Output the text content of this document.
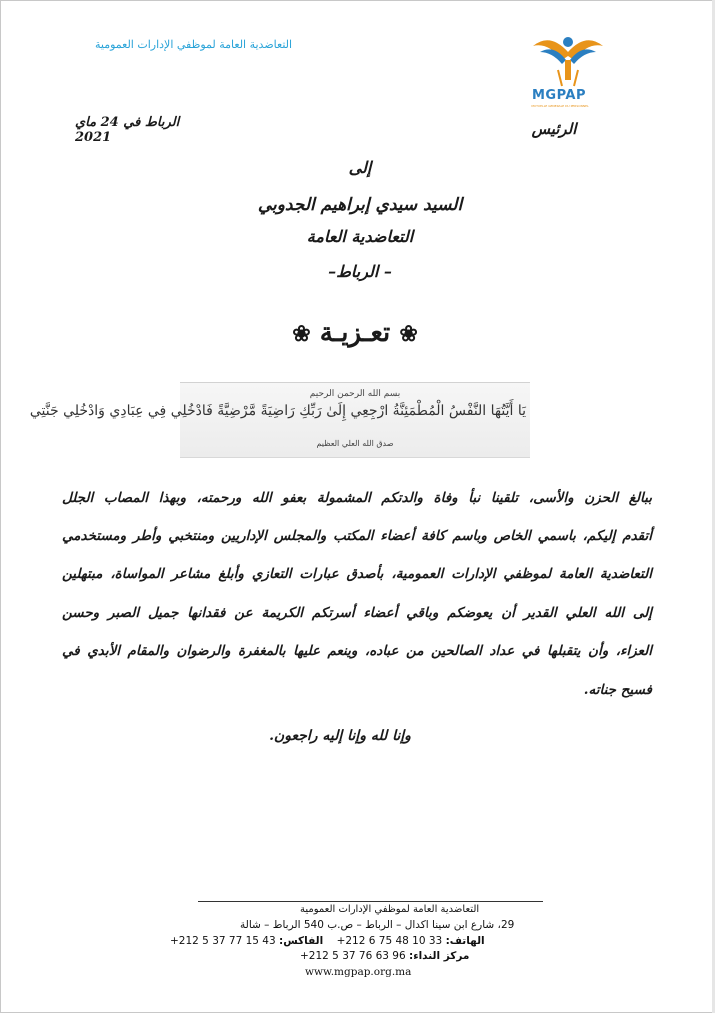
التعاضدية العامة لموظفي الإدارات العمومية
MGPAP
MUTUELLE GENERALE DU PERSONNEL
الرئيس
الرباط في 24 ماي 2021
إلى
السيد سيدي إبراهيم الجدوبي
التعاضدية العامة
– الرباط–
❀ تعـزيـة ❀
بسم الله الرحمن الرحيم
يَا أَيَّتُهَا النَّفْسُ الْمُطْمَئِنَّةُ ارْجِعِي إِلَىٰ رَبِّكِ رَاضِيَةً مَّرْضِيَّةً فَادْخُلِي فِي عِبَادِي وَادْخُلِي جَنَّتِي
صدق الله العلي العظيم
ببالغ الحزن والأسى، تلقينا نبأ وفاة والدتكم المشمولة بعفو الله ورحمته، وبهذا المصاب الجلل
أتقدم إليكم، باسمي الخاص وباسم كافة أعضاء المكتب والمجلس الإداريين ومنتخبي وأطر ومستخدمي
التعاضدية العامة لموظفي الإدارات العمومية، بأصدق عبارات التعازي وأبلغ مشاعر المواساة، مبتهلين
إلى الله العلي القدير أن يعوضكم وباقي أعضاء أسرتكم الكريمة عن فقدانها جميل الصبر وحسن
العزاء، وأن يتقبلها في عداد الصالحين من عباده، وينعم عليها بالمغفرة والرضوان والمقام الأبدي في
فسيح جناته.
وإنا لله وإنا إليه راجعون.
التعاضدية العامة لموظفي الإدارات العمومية
29، شارع ابن سينا اكدال – الرباط – ص.ب 540 الرباط – شالة
الهاتف: +212 6 75 48 10 33    الفاكس: +212 5 37 77 15 43
مركز النداء: +212 5 37 76 63 96
www.mgpap.org.ma
